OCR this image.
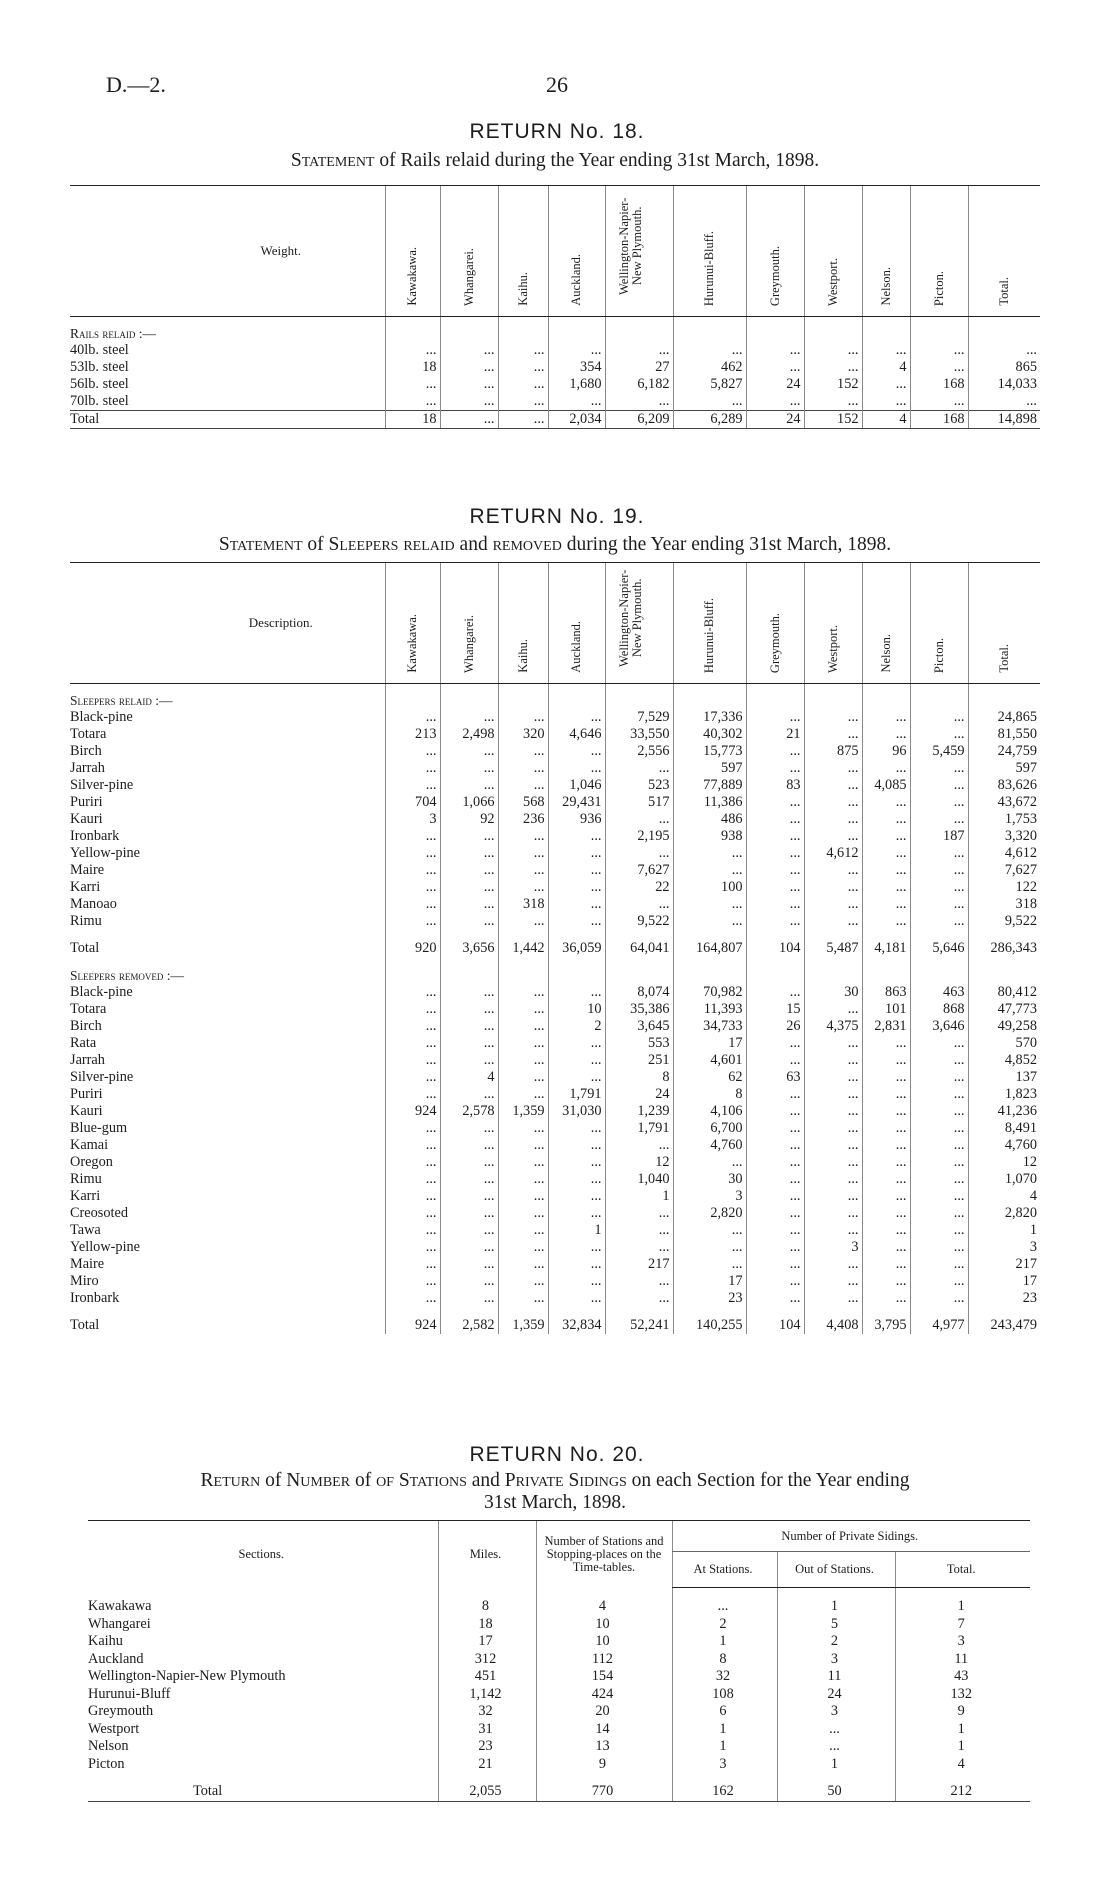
D.—2.	26
RETURN No. 18.
Statement of Rails relaid during the Year ending 31st March, 1898.
Weight.	Kawakawa.	Whangarei.	Kaihu.	Auckland.	Wellington-Napier-New Plymouth.	Hurunui-Bluff.	Greymouth.	Westport.	Nelson.	Picton.	Total.

Rails relaid :—											
40lb. steel	...	...	...	...	...	...	...	...	...	...	...
53lb. steel	18	...	...	354	27	462	...	...	4	...	865
56lb. steel	...	...	...	1,680	6,182	5,827	24	152	...	168	14,033
70lb. steel	...	...	...	...	...	...	...	...	...	...	...
Total	18	...	...	2,034	6,209	6,289	24	152	4	168	14,898
RETURN No. 19.
Statement of Sleepers relaid and removed during the Year ending 31st March, 1898.
Description.	Kawakawa.	Whangarei.	Kaihu.	Auckland.	Wellington-Napier-New Plymouth.	Hurunui-Bluff.	Greymouth.	Westport.	Nelson.	Picton.	Total.

Sleepers relaid :—											
Black-pine	...	...	...	...	7,529	17,336	...	...	...	...	24,865
Totara	213	2,498	320	4,646	33,550	40,302	21	...	...	...	81,550
Birch	...	...	...	...	2,556	15,773	...	875	96	5,459	24,759
Jarrah	...	...	...	...	...	597	...	...	...	...	597
Silver-pine	...	...	...	1,046	523	77,889	83	...	4,085	...	83,626
Puriri	704	1,066	568	29,431	517	11,386	...	...	...	...	43,672
Kauri	3	92	236	936	...	486	...	...	...	...	1,753
Ironbark	...	...	...	...	2,195	938	...	...	...	187	3,320
Yellow-pine	...	...	...	...	...	...	...	4,612	...	...	4,612
Maire	...	...	...	...	7,627	...	...	...	...	...	7,627
Karri	...	...	...	...	22	100	...	...	...	...	122
Manoao	...	...	318	...	...	...	...	...	...	...	318
Rimu	...	...	...	...	9,522	...	...	...	...	...	9,522

Total	920	3,656	1,442	36,059	64,041	164,807	104	5,487	4,181	5,646	286,343

Sleepers removed :—											
Black-pine	...	...	...	...	8,074	70,982	...	30	863	463	80,412
Totara	...	...	...	10	35,386	11,393	15	...	101	868	47,773
Birch	...	...	...	2	3,645	34,733	26	4,375	2,831	3,646	49,258
Rata	...	...	...	...	553	17	...	...	...	...	570
Jarrah	...	...	...	...	251	4,601	...	...	...	...	4,852
Silver-pine	...	4	...	...	8	62	63	...	...	...	137
Puriri	...	...	...	1,791	24	8	...	...	...	...	1,823
Kauri	924	2,578	1,359	31,030	1,239	4,106	...	...	...	...	41,236
Blue-gum	...	...	...	...	1,791	6,700	...	...	...	...	8,491
Kamai	...	...	...	...	...	4,760	...	...	...	...	4,760
Oregon	...	...	...	...	12	...	...	...	...	...	12
Rimu	...	...	...	...	1,040	30	...	...	...	...	1,070
Karri	...	...	...	...	1	3	...	...	...	...	4
Creosoted	...	...	...	...	...	2,820	...	...	...	...	2,820
Tawa	...	...	...	1	...	...	...	...	...	...	1
Yellow-pine	...	...	...	...	...	...	...	3	...	...	3
Maire	...	...	...	...	217	...	...	...	...	...	217
Miro	...	...	...	...	...	17	...	...	...	...	17
Ironbark	...	...	...	...	...	23	...	...	...	...	23

Total	924	2,582	1,359	32,834	52,241	140,255	104	4,408	3,795	4,977	243,479
RETURN No. 20.
Return of Number of of Stations and Private Sidings on each Section for the Year ending
31st March, 1898.
Sections.	Miles.	Number of Stations and Stopping-places on the Time-tables.	Number of Private Sidings.		
			At Stations.	Out of Stations.	Total.

Kawakawa	8	4	...	1	1
Whangarei	18	10	2	5	7
Kaihu	17	10	1	2	3
Auckland	312	112	8	3	11
Wellington-Napier-New Plymouth	451	154	32	11	43
Hurunui-Bluff	1,142	424	108	24	132
Greymouth	32	20	6	3	9
Westport	31	14	1	...	1
Nelson	23	13	1	...	1
Picton	21	9	3	1	4

Total	2,055	770	162	50	212
